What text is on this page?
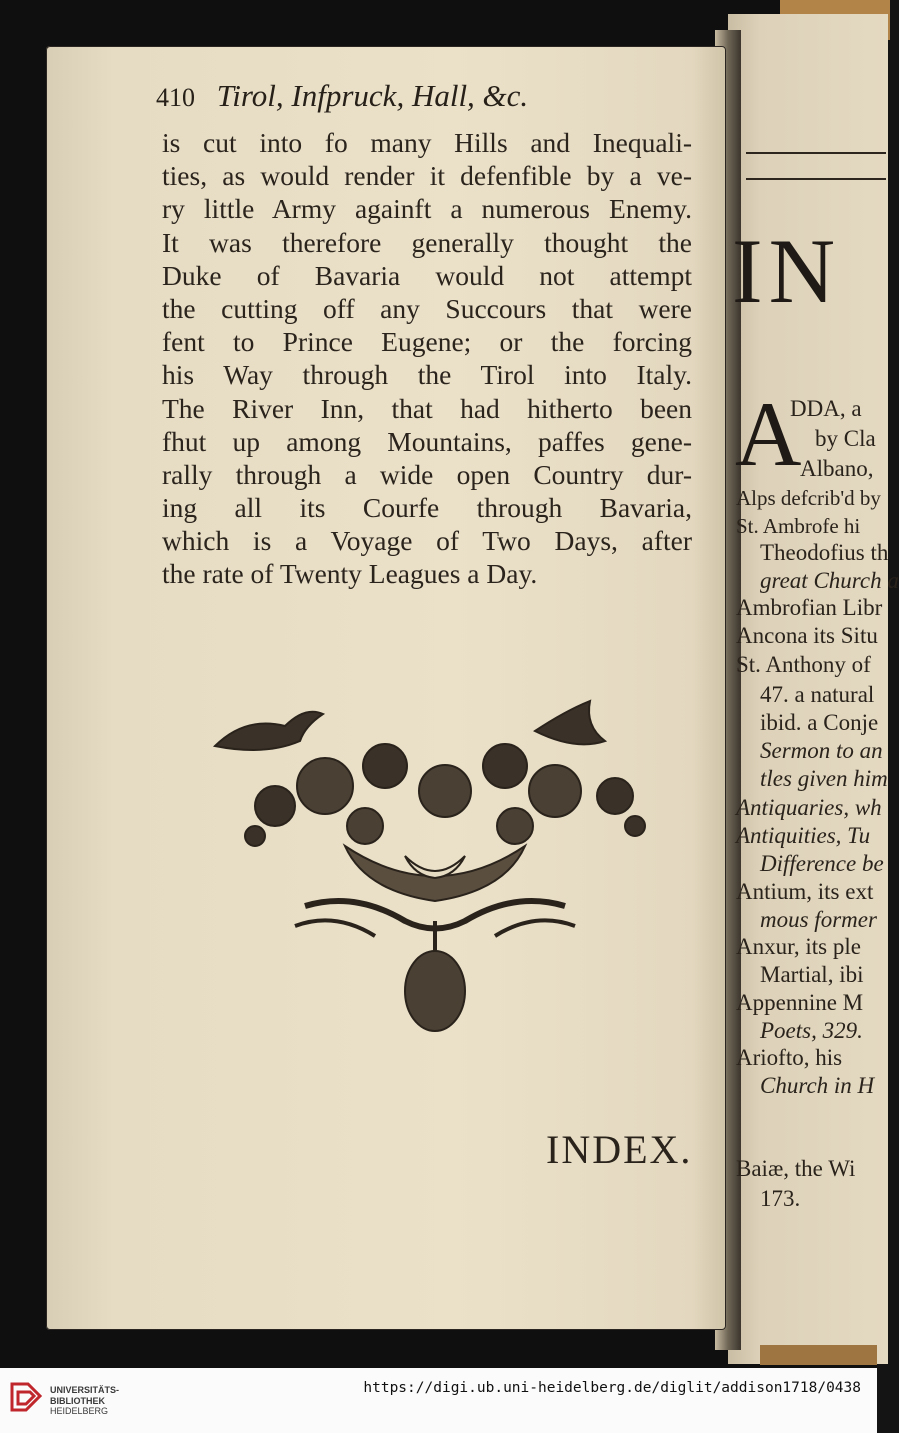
410 Tirol, Infpruck, Hall, &c.
is cut into fo many Hills and Inequali-
ties, as would render it defenfible by a ve-
ry little Army againft a numerous Enemy.
It was therefore generally thought the
Duke of Bavaria would not attempt
the cutting off any Succours that were
fent to Prince Eugene; or the forcing
his Way through the Tirol into Italy.
The River Inn, that had hitherto been
fhut up among Mountains, paffes gene-
rally through a wide open Country dur-
ing all its Courfe through Bavaria,
which is a Voyage of Two Days, after
the rate of Twenty Leagues a Day.
INDEX.
IN
A
DDA, a
by Cla
Albano,
Alps defcrib'd by
St. Ambrofe hi
Theodofius th
great Church a
Ambrofian Libr
Ancona its Situ
St. Anthony of
47. a natural
ibid. a Conje
Sermon to an
tles given him
Antiquaries, wh
Antiquities, Tu
Difference be
Antium, its ext
mous former
Anxur, its ple
Martial, ibi
Appennine M
Poets, 329.
Ariofto, his
Church in H
Baiæ, the Wi
173.
UNIVERSITÄTS-
BIBLIOTHEK
HEIDELBERG
https://digi.ub.uni-heidelberg.de/diglit/addison1718/0438
